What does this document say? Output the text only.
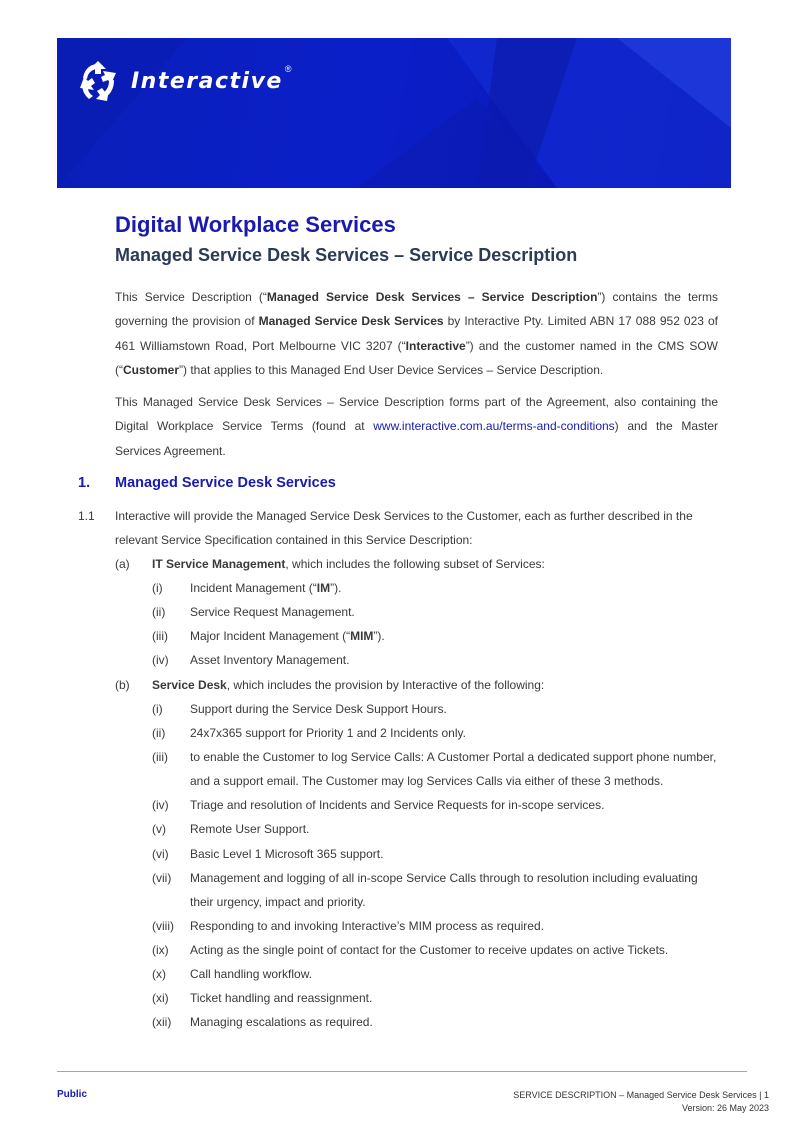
Interactive ®
Digital Workplace Services
Managed Service Desk Services – Service Description

This Service Description (“Managed Service Desk Services – Service Description”) contains the terms governing the provision of Managed Service Desk Services by Interactive Pty. Limited ABN 17 088 952 023 of 461 Williamstown Road, Port Melbourne VIC 3207 (“Interactive”) and the customer named in the CMS SOW (“Customer”) that applies to this Managed End User Device Services – Service Description.

This Managed Service Desk Services – Service Description forms part of the Agreement, also containing the Digital Workplace Service Terms (found at www.interactive.com.au/terms-and-conditions) and the Master Services Agreement.

1. Managed Service Desk Services
1.1 Interactive will provide the Managed Service Desk Services to the Customer, each as further described in the
relevant Service Specification contained in this Service Description:
(a) IT Service Management, which includes the following subset of Services:
(i) Incident Management (“IM”).
(ii) Service Request Management.
(iii) Major Incident Management (“MIM”).
(iv) Asset Inventory Management.
(b) Service Desk, which includes the provision by Interactive of the following:
(i) Support during the Service Desk Support Hours.
(ii) 24x7x365 support for Priority 1 and 2 Incidents only.
(iii) to enable the Customer to log Service Calls: A Customer Portal a dedicated support phone number,
and a support email. The Customer may log Services Calls via either of these 3 methods.
(iv) Triage and resolution of Incidents and Service Requests for in-scope services.
(v) Remote User Support.
(vi) Basic Level 1 Microsoft 365 support.
(vii) Management and logging of all in-scope Service Calls through to resolution including evaluating
their urgency, impact and priority.
(viii) Responding to and invoking Interactive’s MIM process as required.
(ix) Acting as the single point of contact for the Customer to receive updates on active Tickets.
(x) Call handling workflow.
(xi) Ticket handling and reassignment.
(xii) Managing escalations as required.
Public	SERVICE DESCRIPTION – Managed Service Desk Services | 1
Version: 26 May 2023
